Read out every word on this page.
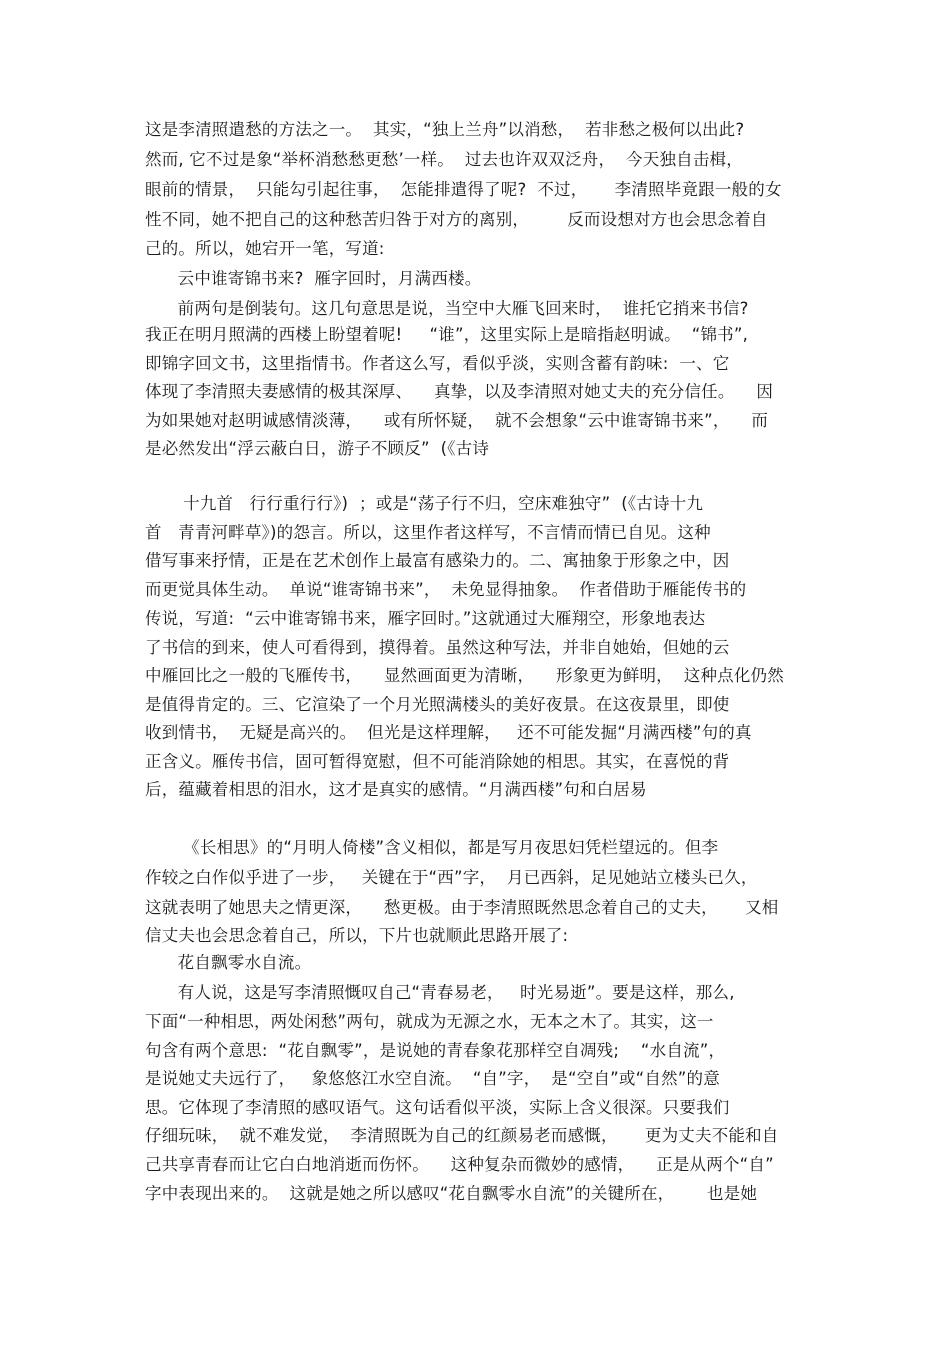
这是李清照遣愁的方法之一。  其实，“独上兰舟”以消愁，  若非愁之极何以出此?
然而, 它不过是象“举杯消愁愁更愁’一样。  过去也许双双泛舟，  今天独自击楫，
眼前的情景，  只能勾引起往事，  怎能排遣得了呢?  不过，     李清照毕竟跟一般的女
性不同，她不把自己的这种愁苦归咎于对方的离别，       反而设想对方也会思念着自
己的。所以，她宕开一笔，写道:
云中谁寄锦书来?  雁字回时，月满西楼。
前两句是倒装句。这几句意思是说，当空中大雁飞回来时，  谁托它捎来书信?
我正在明月照满的西楼上盼望着呢!     “谁”，这里实际上是暗指赵明诚。  “锦书”,
即锦字回文书，这里指情书。作者这么写，看似乎淡，实则含蓄有韵味:  一、它
体现了李清照夫妻感情的极其深厚、    真挚，以及李清照对她丈夫的充分信任。    因
为如果她对赵明诚感情淡薄，    或有所怀疑，  就不会想象“云中谁寄锦书来”，    而
是必然发出“浮云蔽白日，游子不顾反”  (《古诗
十九首   行行重行行》)  ；或是“荡子行不归，空床难独守”  (《古诗十九
首   青青河畔草》)的怨言。所以，这里作者这样写，不言情而情已自见。这种
借写事来抒情，正是在艺术创作上最富有感染力的。二、寓抽象于形象之中，因
而更觉具体生动。  单说“谁寄锦书来”，  未免显得抽象。  作者借助于雁能传书的
传说，写道:  “云中谁寄锦书来，雁字回时。”这就通过大雁翔空，形象地表达
了书信的到来，使人可看得到，摸得着。虽然这种写法，并非自她始，但她的云
中雁回比之一般的飞雁传书，    显然画面更为清晰，    形象更为鲜明，  这种点化仍然
是值得肯定的。三、它渲染了一个月光照满楼头的美好夜景。在这夜景里，即使
收到情书，  无疑是高兴的。  但光是这样理解，   还不可能发掘“月满西楼”句的真
正含义。雁传书信，固可暂得宽慰，但不可能消除她的相思。其实，在喜悦的背
后，蕴藏着相思的泪水，这才是真实的感情。“月满西楼”句和白居易
《长相思》的“月明人倚楼”含义相似，都是写月夜思妇凭栏望远的。但李
作较之白作似乎进了一步，   关键在于“西”字，  月已西斜，足见她站立楼头已久，
这就表明了她思夫之情更深，    愁更极。由于李清照既然思念着自己的丈夫，     又相
信丈夫也会思念着自己，所以，下片也就顺此思路开展了:
花自飘零水自流。
有人说，这是写李清照慨叹自己“青春易老，   时光易逝”。要是这样，那么,
下面“一种相思，两处闲愁”两句，就成为无源之水，无本之木了。其实，这一
句含有两个意思:  “花自飘零”，是说她的青春象花那样空自凋残;    “水自流”，
是说她丈夫远行了，   象悠悠江水空自流。  “自”字，  是“空自”或“自然”的意
思。它体现了李清照的感叹语气。这句话看似平淡，实际上含义很深。只要我们
仔细玩味，  就不难发觉，  李清照既为自己的红颜易老而感慨，     更为丈夫不能和自
己共享青春而让它白白地消逝而伤怀。    这种复杂而微妙的感情，    正是从两个“自”
字中表现出来的。  这就是她之所以感叹“花自飘零水自流”的关键所在，      也是她
